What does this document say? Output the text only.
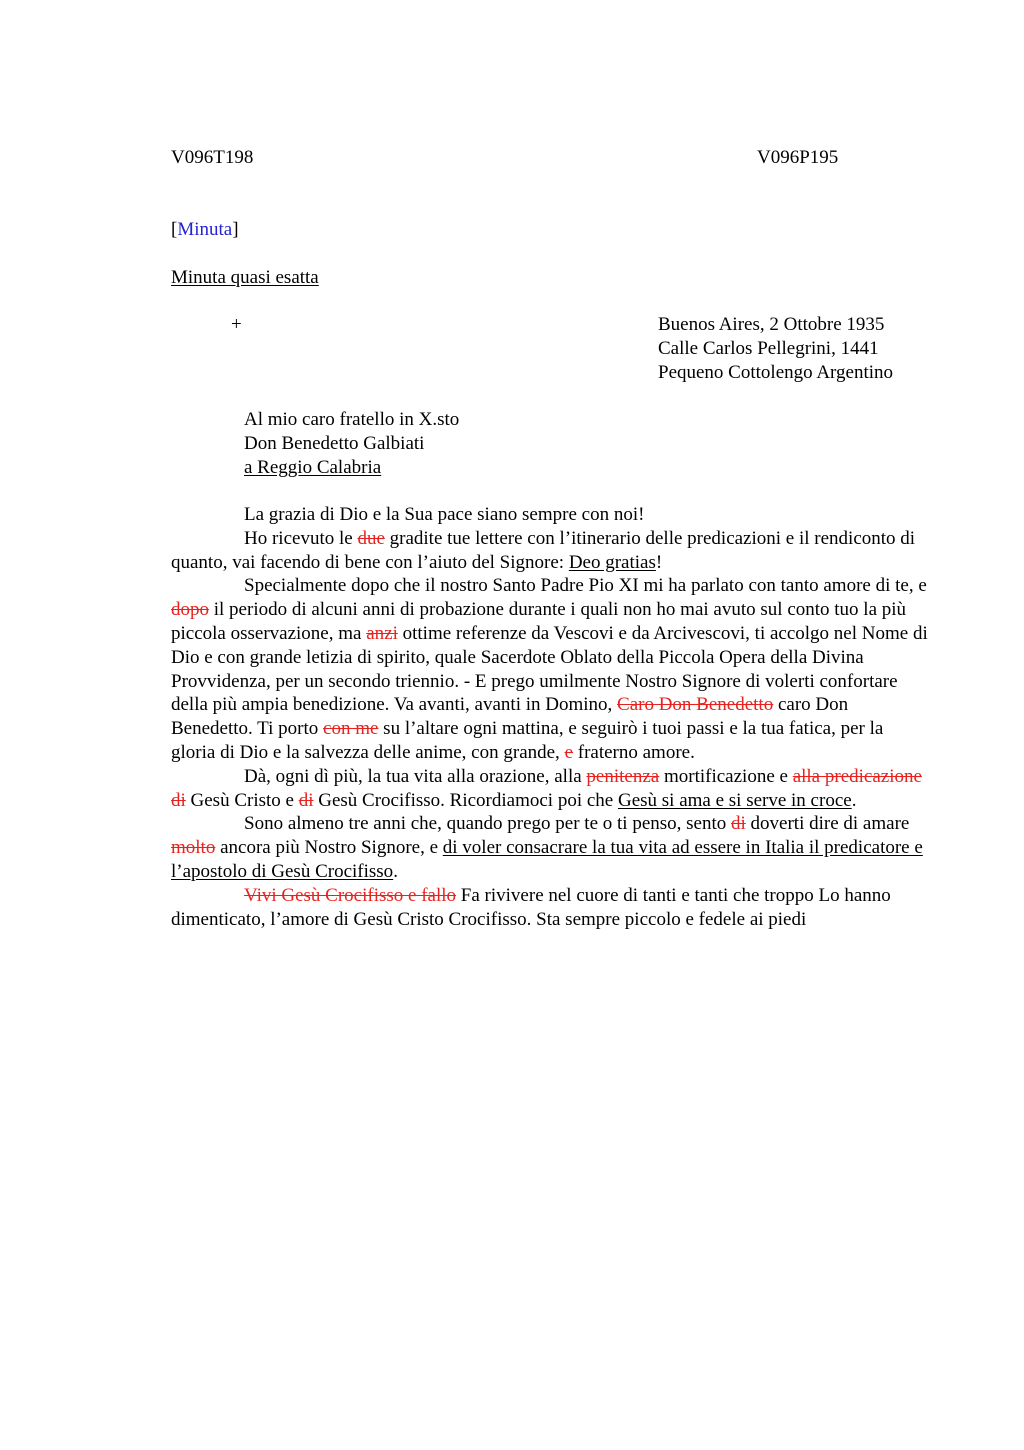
V096T198	V096P195
[Minuta]
Minuta quasi esatta
+	Buenos Aires, 2 Ottobre 1935
Calle Carlos Pellegrini, 1441
Pequeno Cottolengo Argentino
Al mio caro fratello in X.sto
Don Benedetto Galbiati
a Reggio Calabria

La grazia di Dio e la Sua pace siano sempre con noi!

Ho ricevuto le due gradite tue lettere con l’itinerario delle predicazioni e il rendiconto di quanto, vai facendo di bene con l’aiuto del Signore: Deo gratias!

Specialmente dopo che il nostro Santo Padre Pio XI mi ha parlato con tanto amore di te, e dopo il periodo di alcuni anni di probazione durante i quali non ho mai avuto sul conto tuo la più piccola osservazione, ma anzi ottime referenze da Vescovi e da Arcivescovi, ti accolgo nel Nome di Dio e con grande letizia di spirito, quale Sacerdote Oblato della Piccola Opera della Divina Provvidenza, per un secondo triennio. - E prego umilmente Nostro Signore di volerti confortare della più ampia benedizione. Va avanti, avanti in Domino, Caro Don Benedetto caro Don Benedetto. Ti porto con me su l’altare ogni mattina, e seguirò i tuoi passi e la tua fatica, per la gloria di Dio e la salvezza delle anime, con grande, e fraterno amore.

Dà, ogni dì più, la tua vita alla orazione, alla penitenza mortificazione e alla predicazione di Gesù Cristo e di Gesù Crocifisso. Ricordiamoci poi che Gesù si ama e si serve in croce.

Sono almeno tre anni che, quando prego per te o ti penso, sento di doverti dire di amare molto ancora più Nostro Signore, e di voler consacrare la tua vita ad essere in Italia il predicatore e l’apostolo di Gesù Crocifisso.

Vivi Gesù Crocifisso e fallo Fa rivivere nel cuore di tanti e tanti che troppo Lo hanno dimenticato, l’amore di Gesù Cristo Crocifisso. Sta sempre piccolo e fedele ai piedi
